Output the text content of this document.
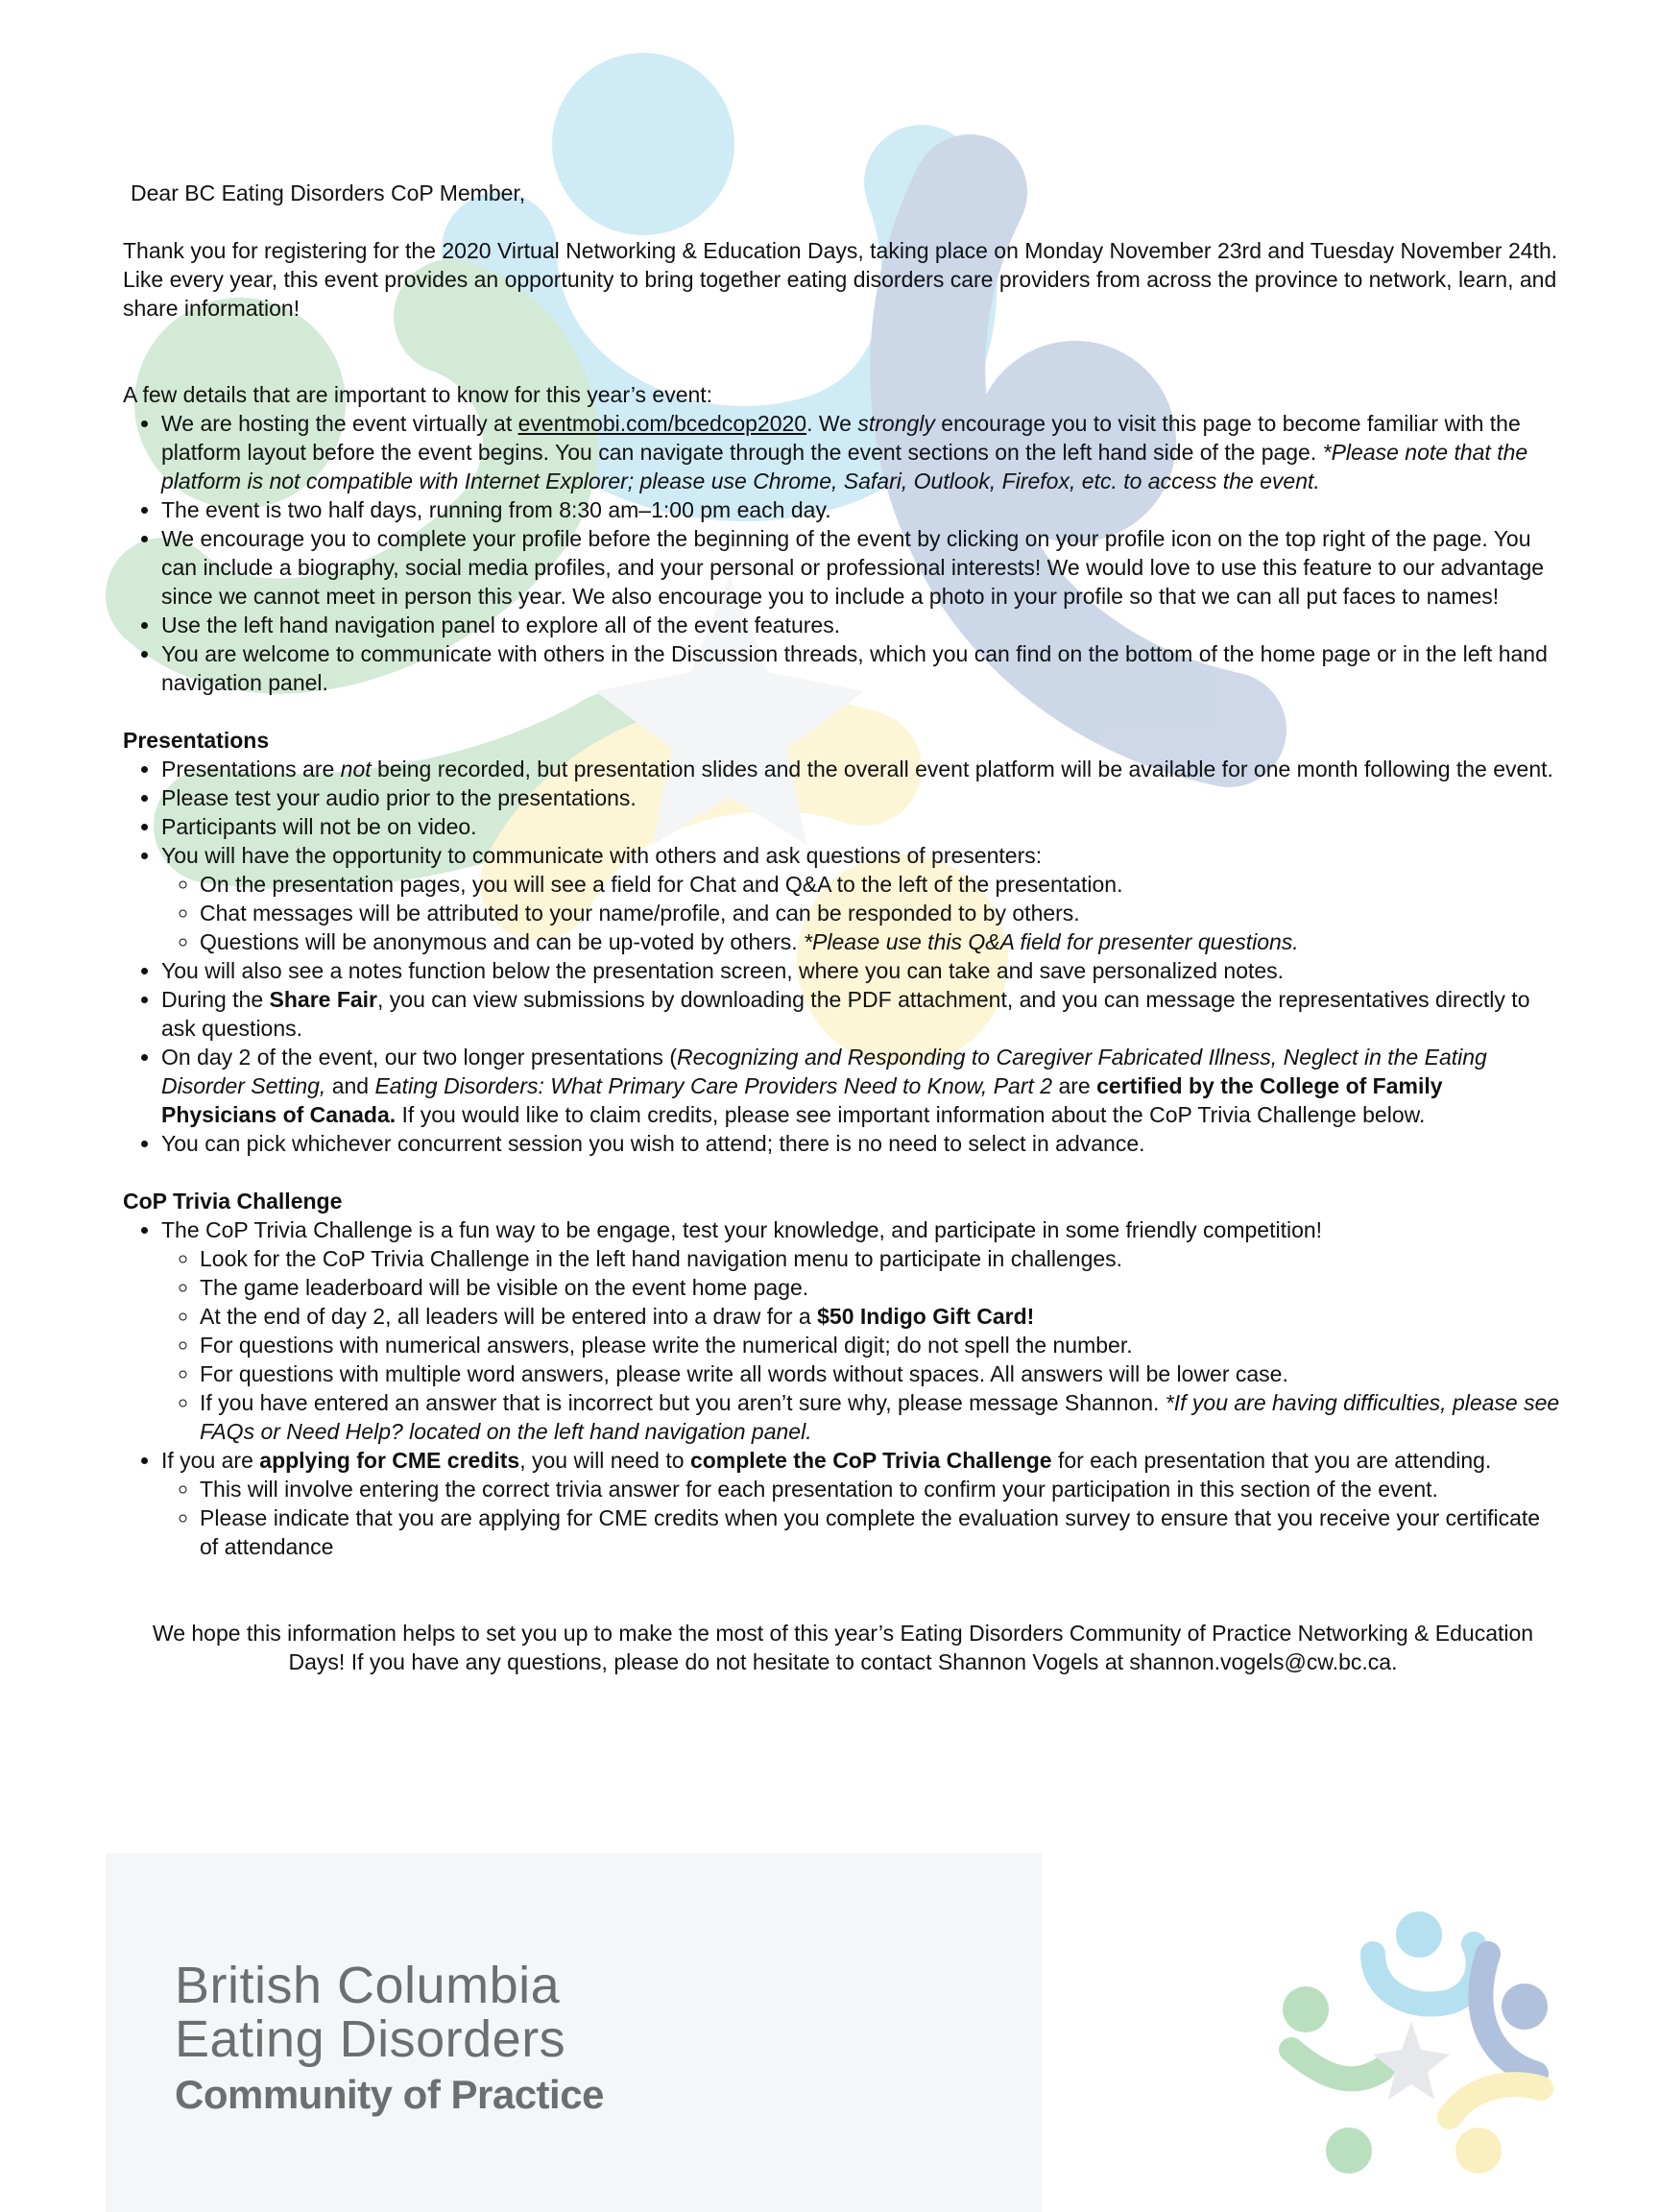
Dear BC Eating Disorders CoP Member,

Thank you for registering for the 2020 Virtual Networking & Education Days, taking place on Monday November 23rd and Tuesday November 24th. Like every year, this event provides an opportunity to bring together eating disorders care providers from across the province to network, learn, and share information!

A few details that are important to know for this year’s event:

• We are hosting the event virtually at eventmobi.com/bcedcop2020. We strongly encourage you to visit this page to become familiar with the platform layout before the event begins. You can navigate through the event sections on the left hand side of the page. *Please note that the platform is not compatible with Internet Explorer; please use Chrome, Safari, Outlook, Firefox, etc. to access the event.
• The event is two half days, running from 8:30 am–1:00 pm each day.
• We encourage you to complete your profile before the beginning of the event by clicking on your profile icon on the top right of the page. You can include a biography, social media profiles, and your personal or professional interests! We would love to use this feature to our advantage since we cannot meet in person this year. We also encourage you to include a photo in your profile so that we can all put faces to names!
• Use the left hand navigation panel to explore all of the event features.
• You are welcome to communicate with others in the Discussion threads, which you can find on the bottom of the home page or in the left hand navigation panel.

Presentations

• Presentations are not being recorded, but presentation slides and the overall event platform will be available for one month following the event.
• Please test your audio prior to the presentations.
• Participants will not be on video.
• You will have the opportunity to communicate with others and ask questions of presenters:
◦ On the presentation pages, you will see a field for Chat and Q&A to the left of the presentation.
◦ Chat messages will be attributed to your name/profile, and can be responded to by others.
◦ Questions will be anonymous and can be up-voted by others. *Please use this Q&A field for presenter questions.
• You will also see a notes function below the presentation screen, where you can take and save personalized notes.
• During the Share Fair, you can view submissions by downloading the PDF attachment, and you can message the representatives directly to ask questions.
• On day 2 of the event, our two longer presentations (Recognizing and Responding to Caregiver Fabricated Illness, Neglect in the Eating    Disorder Setting, and Eating Disorders: What Primary Care Providers Need to Know, Part 2 are certified by the College of Family Physicians of Canada. If you would like to claim credits, please see important information about the CoP Trivia Challenge below.
• You can pick whichever concurrent session you wish to attend; there is no need to select in advance.

CoP Trivia Challenge

• The CoP Trivia Challenge is a fun way to be engage, test your knowledge, and participate in some friendly competition!
◦ Look for the CoP Trivia Challenge in the left hand navigation menu to participate in challenges.
◦ The game leaderboard will be visible on the event home page.
◦ At the end of day 2, all leaders will be entered into a draw for a $50 Indigo Gift Card!
◦ For questions with numerical answers, please write the numerical digit; do not spell the number.
◦ For questions with multiple word answers, please write all words without spaces. All answers will be lower case.
◦ If you have entered an answer that is incorrect but you aren’t sure why, please message Shannon. *If you are having difficulties, please see FAQs or Need Help? located on the left hand navigation panel.
• If you are applying for CME credits, you will need to complete the CoP Trivia Challenge for each presentation that you are attending.
◦ This will involve entering the correct trivia answer for each presentation to confirm your participation in this section of the event.
◦ Please indicate that you are applying for CME credits when you complete the evaluation survey to ensure that you receive your certificate of attendance

We hope this information helps to set you up to make the most of this year’s Eating Disorders Community of Practice Networking & Education Days! If you have any questions, please do not hesitate to contact Shannon Vogels at shannon.vogels@cw.bc.ca.

British Columbia
Eating Disorders
Community of Practice
